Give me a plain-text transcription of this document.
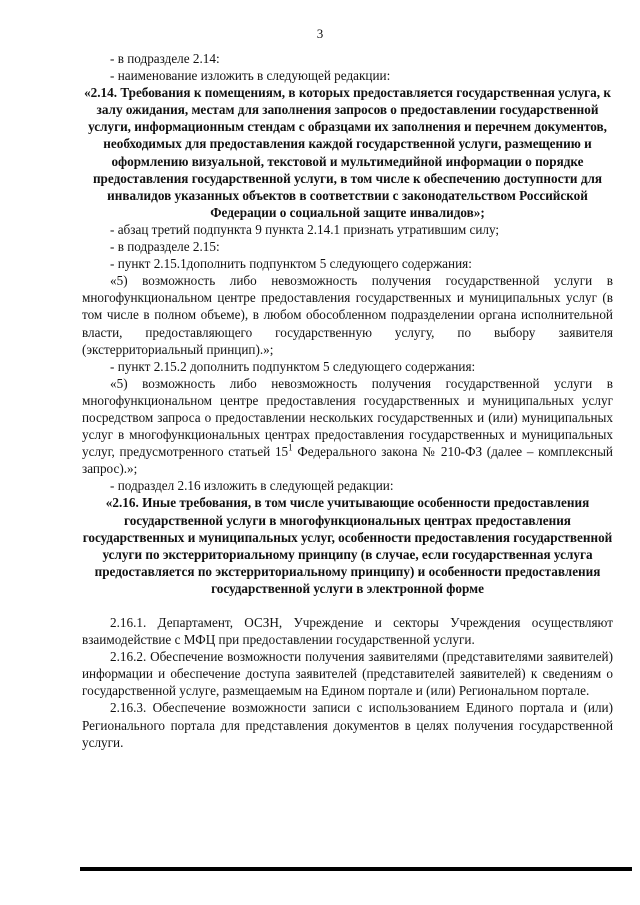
3

- в подразделе 2.14:

- наименование изложить в следующей редакции:

«2.14. Требования к помещениям, в которых предоставляется государственная услуга, к залу ожидания, местам для заполнения запросов о предоставлении государственной услуги, информационным стендам с образцами их заполнения и перечнем документов, необходимых для предоставления каждой государственной услуги, размещению и оформлению визуальной, текстовой и мультимедийной информации о порядке предоставления государственной услуги, в том числе к обеспечению доступности для инвалидов указанных объектов в соответствии с законодательством Российской Федерации о социальной защите инвалидов»;

- абзац третий подпункта 9 пункта 2.14.1 признать утратившим силу;

- в подразделе 2.15:

- пункт 2.15.1дополнить подпунктом 5 следующего содержания:

«5) возможность либо невозможность получения государственной услуги в многофункциональном центре предоставления государственных и муниципальных услуг (в том числе в полном объеме), в любом обособленном подразделении органа исполнительной власти, предоставляющего государственную услугу, по выбору заявителя (экстерриториальный принцип).»;

- пункт 2.15.2 дополнить подпунктом 5 следующего содержания:

«5) возможность либо невозможность получения государственной услуги в многофункциональном центре предоставления государственных и муниципальных услуг посредством запроса о предоставлении нескольких государственных и (или) муниципальных услуг в многофункциональных центрах предоставления государственных и муниципальных услуг, предусмотренного статьей $15^1$ Федерального закона № 210-ФЗ (далее – комплексный запрос).»;

- подраздел 2.16 изложить в следующей редакции:

«2.16. Иные требования, в том числе учитывающие особенности предоставления государственной услуги в многофункциональных центрах предоставления государственных и муниципальных услуг, особенности предоставления государственной услуги по экстерриториальному принципу (в случае, если государственная услуга предоставляется по экстерриториальному принципу) и особенности предоставления государственной услуги в электронной форме

2.16.1. Департамент, ОСЗН, Учреждение и секторы Учреждения осуществляют взаимодействие с МФЦ при предоставлении государственной услуги.

2.16.2. Обеспечение возможности получения заявителями (представителями заявителей) информации и обеспечение доступа заявителей (представителей заявителей) к сведениям о государственной услуге, размещаемым на Едином портале и (или) Региональном портале.

2.16.3. Обеспечение возможности записи с использованием Единого портала и (или) Регионального портала для представления документов в целях получения государственной услуги.
